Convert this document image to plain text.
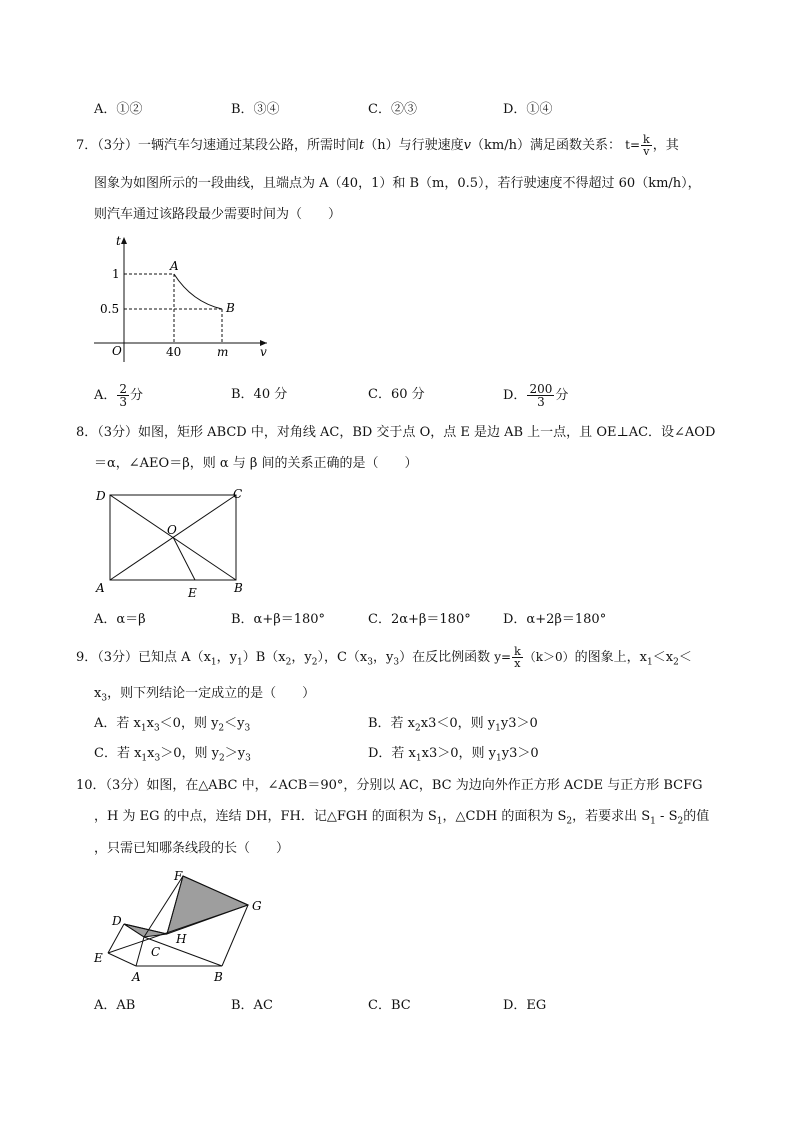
A．①②	B．③④	C．②③	D．①④
7．（3分）一辆汽车匀速通过某段公路，所需时间t（h）与行驶速度v（km/h）满足函数关系： $t= \frac{k}{v}$ ，其
图象为如图所示的一段曲线，且端点为 A（40，1）和 B（m，0.5），若行驶速度不得超过 60（km/h），
则汽车通过该路段最少需要时间为（　　）
t
v
O
1
0.5
40	m
A
B
A． $\frac{2}{3}$ 分	B．40 分	C．60 分	D． $\frac{200}{3}$ 分
8．（3分）如图，矩形 ABCD 中，对角线 AC，BD 交于点 O，点 E 是边 AB 上一点，且 OE⊥AC．设∠AOD
＝α，∠AEO＝β，则 α 与 β 间的关系正确的是（　　）
D	C
A	B
O
E
A．α＝β	B．α+β＝180°	C．2α+β＝180° D．α+2β＝180°
9．（3分）已知点 $A(x_1$，$y_1)B(x_2$，$y_2$），$C(x_3$，$y_3$）在反比例函数 $y= \frac{k}{x} (k>0)$的图象上，$x_1<x_2<$
$x_3$，则下列结论一定成立的是（　　）
A．若 $x_1x_3<0$，则 $y_2<y_3$	B．若 $x_2x3<0$，则 $y_1y3>0$
C．若 $x_1x_3>0$，则 $y_2>y_3$	D．若 $x_1x3>0$，则 $y_1y3>0$
10．（3分）如图，在△ABC 中，∠ACB＝90°，分别以 AC，BC 为边向外作正方形 ACDE 与正方形 BCFG
，H 为 EG 的中点，连结 DH，FH．记△FGH 的面积为 $S_1$，△CDH 的面积为 $S_2$，若要求出 $S_1 - S_2$的值
，只需已知哪条线段的长（　　）
F
G
D
H
C
E
A	B
A．AB	B．AC	C．BC	D．EG
